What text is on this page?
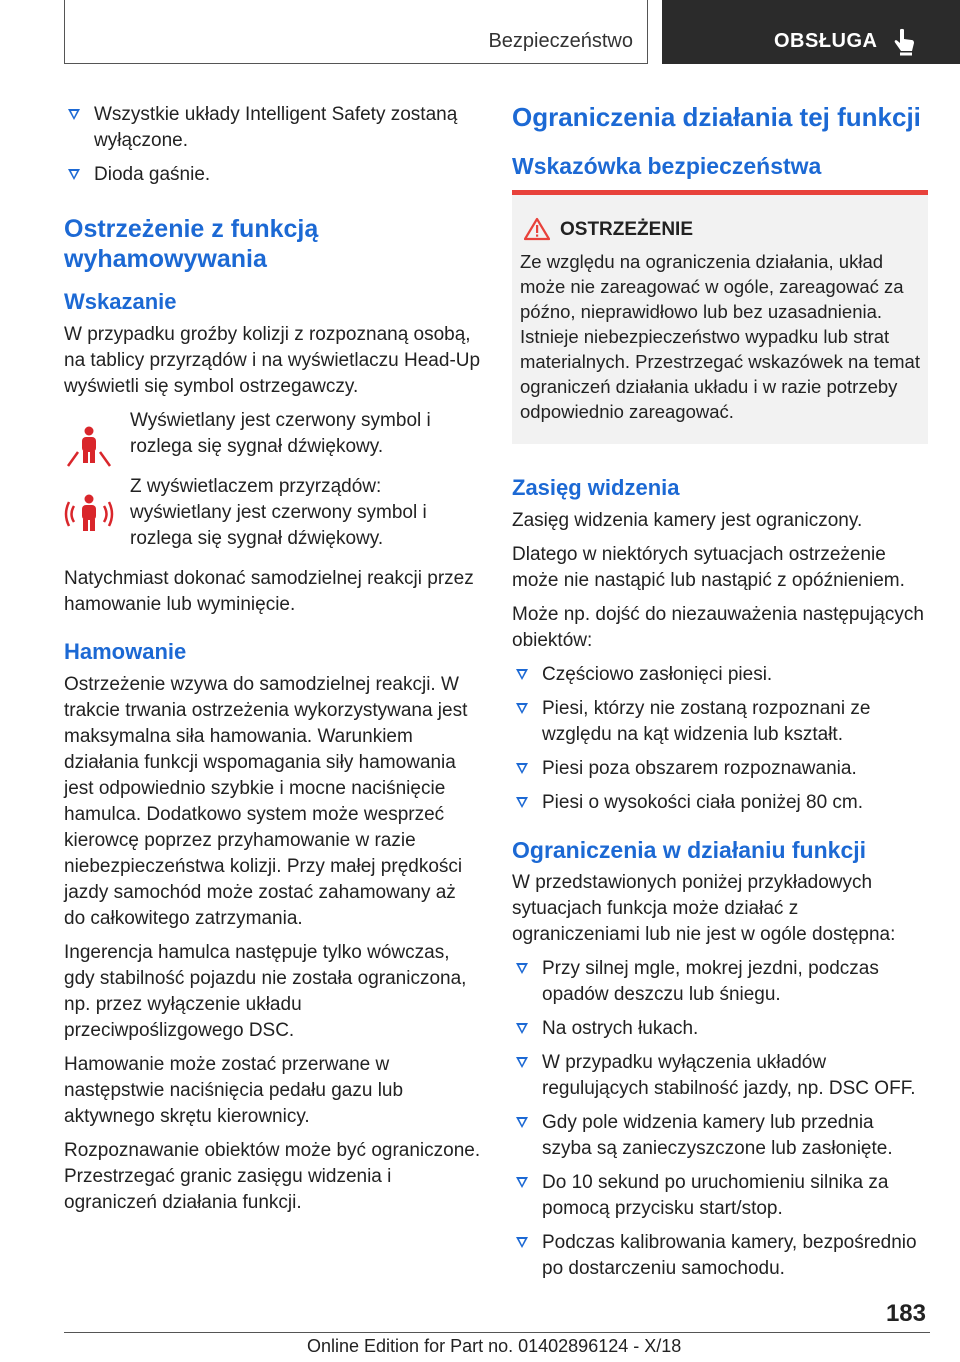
Bezpieczeństwo	OBSŁUGA
Wszystkie układy Intelligent Safety zostaną wyłączone.
Dioda gaśnie.
Ostrzeżenie z funkcją wyhamowywania
Wskazanie

W przypadku groźby kolizji z rozpoznaną osobą, na tablicy przyrządów i na wyświetlaczu Head-Up wyświetli się symbol ostrzegawczy.

Wyświetlany jest czerwony symbol i rozlega się sygnał dźwiękowy.
Z wyświetlaczem przyrządów: wyświetlany jest czerwony symbol i rozlega się sygnał dźwiękowy.

Natychmiast dokonać samodzielnej reakcji przez hamowanie lub wyminięcie.

Hamowanie

Ostrzeżenie wzywa do samodzielnej reakcji. W trakcie trwania ostrzeżenia wykorzystywana jest maksymalna siła hamowania. Warunkiem działania funkcji wspomagania siły hamowania jest odpowiednio szybkie i mocne naciśnięcie hamulca. Dodatkowo system może wesprzeć kierowcę poprzez przyhamowanie w razie niebezpieczeństwa kolizji. Przy małej prędkości jazdy samochód może zostać zahamowany aż do całkowitego zatrzymania.

Ingerencja hamulca następuje tylko wówczas, gdy stabilność pojazdu nie została ograniczona, np. przez wyłączenie układu przeciwpoślizgowego DSC.

Hamowanie może zostać przerwane w następstwie naciśnięcia pedału gazu lub aktywnego skrętu kierownicy.

Rozpoznawanie obiektów może być ograniczone. Przestrzegać granic zasięgu widzenia i ograniczeń działania funkcji.

Ograniczenia działania tej funkcji
Wskazówka bezpieczeństwa
OSTRZEŻENIE

Ze względu na ograniczenia działania, układ może nie zareagować w ogóle, zareagować za późno, nieprawidłowo lub bez uzasadnienia. Istnieje niebezpieczeństwo wypadku lub strat materialnych. Przestrzegać wskazówek na temat ograniczeń działania układu i w razie potrzeby odpowiednio zareagować.

Zasięg widzenia

Zasięg widzenia kamery jest ograniczony.

Dlatego w niektórych sytuacjach ostrzeżenie może nie nastąpić lub nastąpić z opóźnieniem.

Może np. dojść do niezauważenia następujących obiektów:

Częściowo zasłonięci piesi.
Piesi, którzy nie zostaną rozpoznani ze względu na kąt widzenia lub kształt.
Piesi poza obszarem rozpoznawania.
Piesi o wysokości ciała poniżej 80 cm.
Ograniczenia w działaniu funkcji

W przedstawionych poniżej przykładowych sytuacjach funkcja może działać z ograniczeniami lub nie jest w ogóle dostępna:

Przy silnej mgle, mokrej jezdni, podczas opadów deszczu lub śniegu.
Na ostrych łukach.
W przypadku wyłączenia układów regulujących stabilność jazdy, np. DSC OFF.
Gdy pole widzenia kamery lub przednia szyba są zanieczyszczone lub zasłonięte.
Do 10 sekund po uruchomieniu silnika za pomocą przycisku start/stop.
Podczas kalibrowania kamery, bezpośrednio po dostarczeniu samochodu.
183
Online Edition for Part no. 01402896124 - X/18
